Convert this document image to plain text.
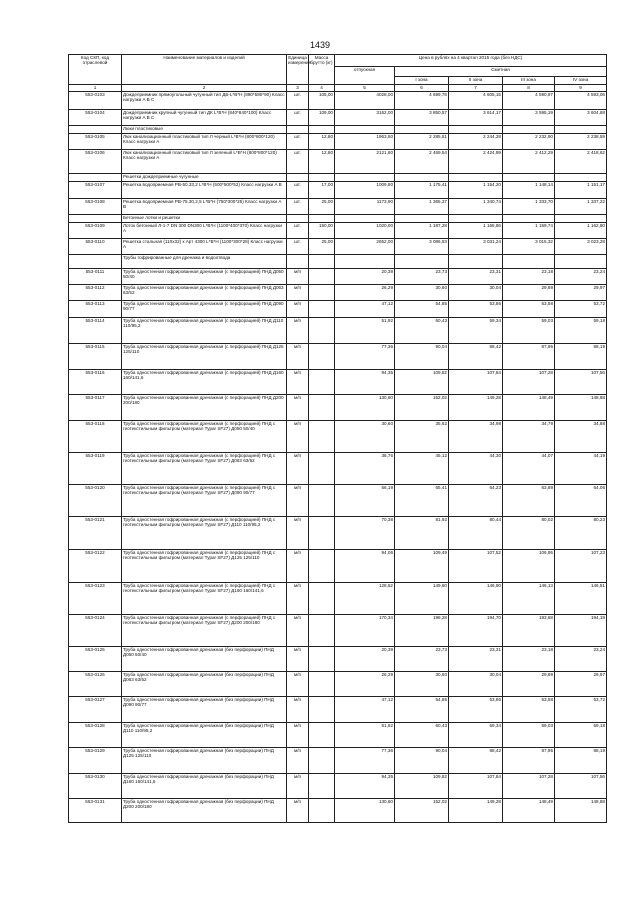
1439
Код СКП, код отраслевой	Наименование материалов и изделий	Единица измерения	Масса брутто (кг)	Цена в рублях на 4 квартал 2015 года (без НДС)				
				отпускная	Сметная			
					I зона	II зона	III зона	IV зона
1	2	3	4	5	6	7	8	9
553-0103	Дождеприемник прямоугольный чугунный тип ДБ-L*B*H (890*580*90) Класс нагрузки A B C	шт.	105,00	4028,00	4 699,76	4 605,15	4 590,97	4 593,06
553-0104	Дождеприемник крупный чугунный тип ДК L*B*H (840*840*100) Класс нагрузки A B C	шт.	109,00	3162,00	3 850,57	3 614,17	3 595,19	3 604,68
	Люки пластиковые							
553-0105	Люк канализационный пластиковый тип Л черный L*B*H (800*800*120) Класс нагрузки A	шт.	12,80	1963,50	2 285,51	2 244,28	2 232,90	2 238,59
553-0106	Люк канализационный пластиковый тип Л зеленый L*B*H (800*800*120) Класс нагрузки A	шт.	12,80	2121,60	2 469,54	2 424,99	2 412,29	2 418,62
	Решетки дождеприемные чугунные							
553-0107	Решетка водоприемная РВ-50.33,2 L*B*H (500*500*52) Класс нагрузки A B	шт.	17,00	1009,80	1 175,41	1 154,20	1 148,14	1 151,17
553-0108	Решетка водоприемная РВ-75.30,2,5 L*B*H (750*300*25) Класс нагрузки A B	шт.	25,00	1173,90	1 365,37	1 340,74	1 333,70	1 337,22
	Бетонные лотки и решетки							
553-0109	Лоток бетонный Л-1-7 DN 300 DN300 L*B*H (1100*400*370) Класс нагрузки A	шт.	150,00	1020,00	1 187,28	1 165,86	1 159,74	1 162,80
553-0110	Решетка стальная (110х32) к Арт 4300 L*B*H (1100*300*28) Класс нагрузки A	шт.	25,00	2652,00	3 086,93	3 031,24	3 015,32	3 023,28
	Трубы гофрированные для дренажа и водоотвода							
553-0111	Труба одностенная гофрированная дренажная (с перфорацией) ПНД Д050 50/40	м/п		20,39	23,73	23,31	23,18	23,24
553-0112	Труба одностенная гофрированная дренажная (с перфорацией) ПНД Д063 63/52	м/п		26,29	30,60	30,04	29,89	29,97
553-0113	Труба одностенная гофрированная дренажная (с перфорацией) ПНД Д090 90/77	м/п		47,12	54,85	53,86	53,58	53,72
553-0114	Труба одностенная гофрированная дренажная (с перфорацией) ПНД Д110 110/95,2	м/п		51,92	60,43	59,34	59,03	59,18
553-0115	Труба одностенная гофрированная дренажная (с перфорацией) ПНД Д125 125/110	м/п		77,36	90,04	88,42	87,95	88,19
553-0116	Труба одностенная гофрированная дренажная (с перфорацией) ПНД Д160 160/141,6	м/п		94,35	109,82	107,84	107,28	107,56
553-0117	Труба одностенная гофрированная дренажная (с перфорацией) ПНД Д200 200/180	м/п		130,60	152,02	149,28	148,49	148,88
553-0118	Труба одностенная гофрированная дренажная (с перфорацией) ПНД с геотекстильным фильтром (материал Тураr SF27) Д050 50/40	м/п		30,60	35,62	34,98	34,79	34,88
553-0119	Труба одностенная гофрированная дренажная (с перфорацией) ПНД с геотекстильным фильтром (материал Тураr SF27) Д063 63/52	м/п		38,76	45,12	44,30	44,07	44,19
553-0120	Труба одностенная гофрированная дренажная (с перфорацией) ПНД с геотекстильным фильтром (материал Тураr SF27) Д090 90/77	м/п		56,19	65,41	64,23	63,89	64,06
553-0121	Труба одностенная гофрированная дренажная (с перфорацией) ПНД с геотекстильным фильтром (материал Тураr SF27) Д110 110/95,2	м/п		70,38	81,92	80,44	80,02	80,23
553-0122	Труба одностенная гофрированная дренажная (с перфорацией) ПНД с геотекстильным фильтром (материал Тураr SF27) Д125 125/110	м/п		94,06	109,49	107,52	106,95	107,23
553-0123	Труба одностенная гофрированная дренажная (с перфорацией) ПНД с геотекстильным фильтром (материал Тураr SF27) Д160 160/141,6	м/п		128,52	149,60	146,90	146,13	146,51
553-0124	Труба одностенная гофрированная дренажная (с перфорацией) ПНД с геотекстильным фильтром (материал Тураr SF27) Д200 200/180	м/п		170,34	198,28	194,70	193,68	194,19
553-0125	Труба одностенная гофрированная дренажная (без перфорации) ПНД Д050 50/40	м/п		20,39	23,73	23,31	23,18	23,24
553-0126	Труба одностенная гофрированная дренажная (без перфорации) ПНД Д063 63/52	м/п		26,29	30,60	30,04	29,89	29,97
553-0127	Труба одностенная гофрированная дренажная (без перфорации) ПНД Д090 90/77	м/п		47,12	54,85	53,86	53,58	53,72
553-0128	Труба одностенная гофрированная дренажная (без перфорации) ПНД Д110 110/95,2	м/п		51,92	60,43	59,34	59,03	59,18
553-0129	Труба одностенная гофрированная дренажная (без перфорации) ПНД Д125 125/110	м/п		77,36	90,04	88,42	87,95	88,19
553-0130	Труба одностенная гофрированная дренажная (без перфорации) ПНД Д160 160/141,6	м/п		94,35	109,82	107,84	107,28	107,56
553-0131	Труба одностенная гофрированная дренажная (без перфорации) ПНД Д200 200/180	м/п		130,60	152,02	149,28	148,49	148,88
